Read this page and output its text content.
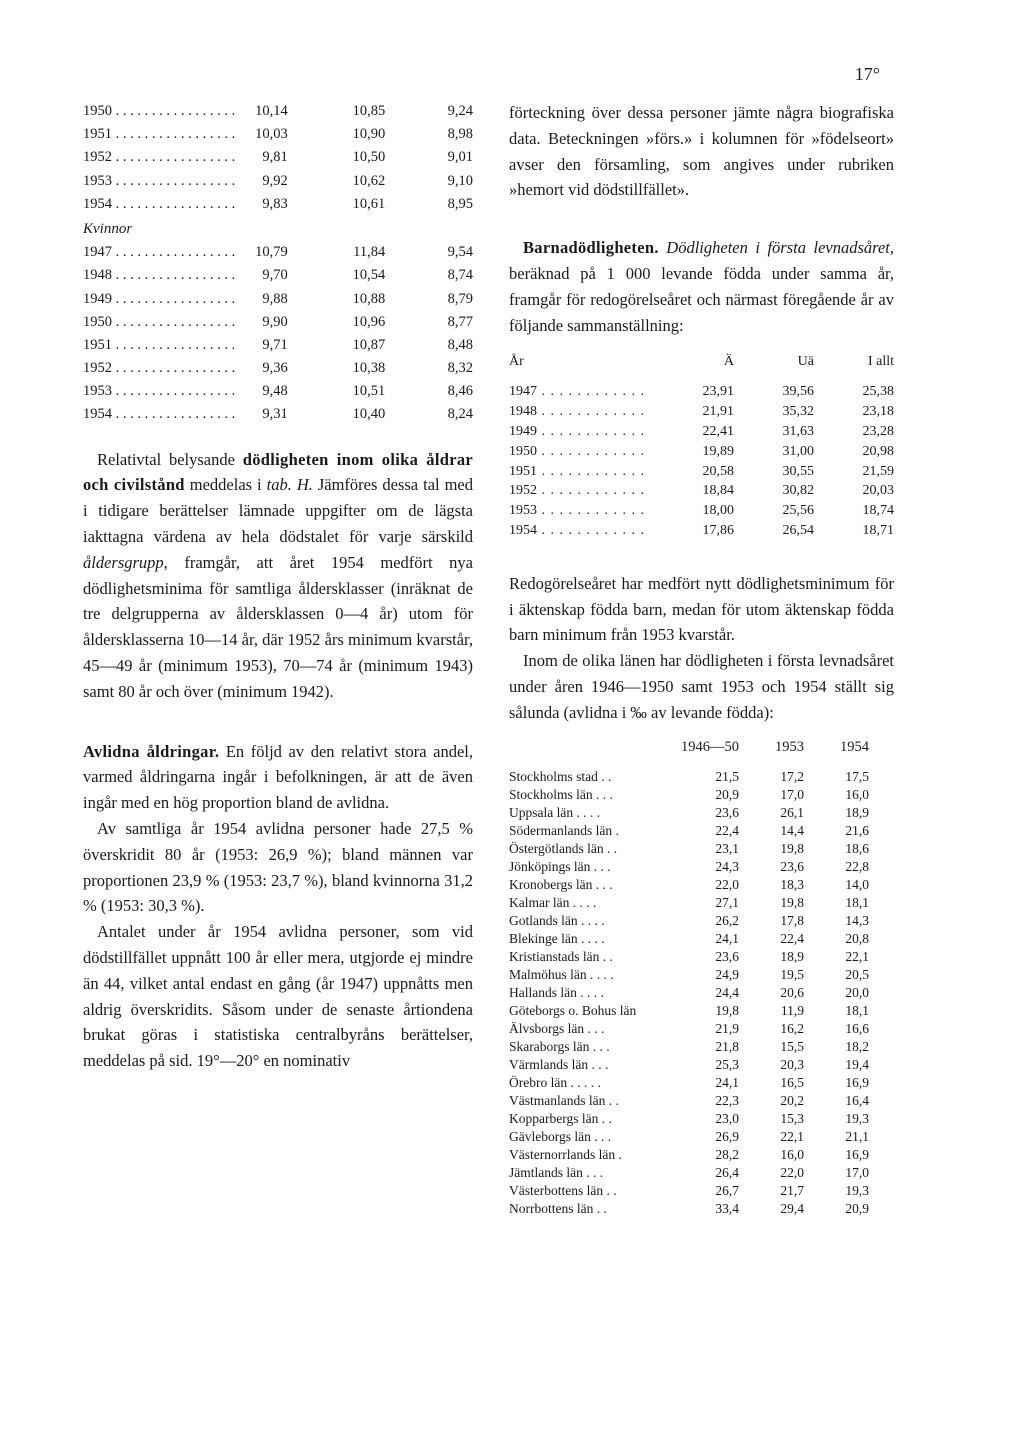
17°
1950 . . .	10,14	10,85	9,24
1951 . . .	10,03	10,90	8,98
1952 . . .	9,81	10,50	9,01
1953 . . .	9,92	10,62	9,10
1954 . . .	9,83	10,61	8,95
Kvinnor
1947 . . .	10,79	11,84	9,54
1948 . . .	9,70	10,54	8,74
1949 . . .	9,88	10,88	8,79
1950 . . .	9,90	10,96	8,77
1951 . . .	9,71	10,87	8,48
1952 . . .	9,36	10,38	8,32
1953 . . .	9,48	10,51	8,46
1954 . . .	9,31	10,40	8,24

Relativtal belysande dödligheten inom olika åldrar och civilstånd meddelas i tab. H. Jämföres dessa tal med i tidigare berättelser lämnade uppgifter om de lägsta iakttagna värdena av hela dödstalet för varje särskild åldersgrupp, framgår, att året 1954 medfört nya dödlighetsminima för samtliga åldersklasser (inräknat de tre delgrupperna av åldersklassen 0—4 år) utom för åldersklasserna 10—14 år, där 1952 års minimum kvarstår, 45—49 år (minimum 1953), 70—74 år (minimum 1943) samt 80 år och över (minimum 1942).

Avlidna åldringar. En följd av den relativt stora andel, varmed åldringarna ingår i befolkningen, är att de även ingår med en hög proportion bland de avlidna.

Av samtliga år 1954 avlidna personer hade 27,5 % överskridit 80 år (1953: 26,9 %); bland männen var proportionen 23,9 % (1953: 23,7 %), bland kvinnorna 31,2 % (1953: 30,3 %).

Antalet under år 1954 avlidna personer, som vid dödstillfället uppnått 100 år eller mera, utgjorde ej mindre än 44, vilket antal endast en gång (år 1947) uppnåtts men aldrig överskridits. Såsom under de senaste årtiondena brukat göras i statistiska centralbyråns berättelser, meddelas på sid. 19°—20° en nominativ

förteckning över dessa personer jämte några biografiska data. Beteckningen »förs.» i kolumnen för »födelseort» avser den församling, som angives under rubriken »hemort vid dödstillfället».

Barnadödligheten. Dödligheten i första levnadsåret, beräknad på 1 000 levande födda under samma år, framgår för redogörelseåret och närmast föregående år av följande sammanställning:

År	Ä	Uä	I allt
1947 . . .	23,91	39,56	25,38
1948 . . .	21,91	35,32	23,18
1949 . . .	22,41	31,63	23,28
1950 . . .	19,89	31,00	20,98
1951 . . .	20,58	30,55	21,59
1952 . . .	18,84	30,82	20,03
1953 . . .	18,00	25,56	18,74
1954 . . .	17,86	26,54	18,71

Redogörelseåret har medfört nytt dödlighetsminimum för i äktenskap födda barn, medan för utom äktenskap födda barn minimum från 1953 kvarstår.

Inom de olika länen har dödligheten i första levnadsåret under åren 1946—1950 samt 1953 och 1954 ställt sig sålunda (avlidna i ‰ av levande födda):

	1946—50	1953	1954
Stockholms stad . .	21,5	17,2	17,5
Stockholms län . . .	20,9	17,0	16,0
Uppsala län . . . .	23,6	26,1	18,9
Södermanlands län .	22,4	14,4	21,6
Östergötlands län . .	23,1	19,8	18,6
Jönköpings län . . .	24,3	23,6	22,8
Kronobergs län . . .	22,0	18,3	14,0
Kalmar län . . . .	27,1	19,8	18,1
Gotlands län . . . .	26,2	17,8	14,3
Blekinge län . . . .	24,1	22,4	20,8
Kristianstads län . .	23,6	18,9	22,1
Malmöhus län . . . .	24,9	19,5	20,5
Hallands län . . . .	24,4	20,6	20,0
Göteborgs o. Bohus län	19,8	11,9	18,1
Älvsborgs län . . .	21,9	16,2	16,6
Skaraborgs län . . .	21,8	15,5	18,2
Värmlands län . . .	25,3	20,3	19,4
Örebro län . . . . .	24,1	16,5	16,9
Västmanlands län . .	22,3	20,2	16,4
Kopparbergs län . .	23,0	15,3	19,3
Gävleborgs län . . .	26,9	22,1	21,1
Västernorrlands län .	28,2	16,0	16,9
Jämtlands län . . .	26,4	22,0	17,0
Västerbottens län . .	26,7	21,7	19,3
Norrbottens län . .	33,4	29,4	20,9
